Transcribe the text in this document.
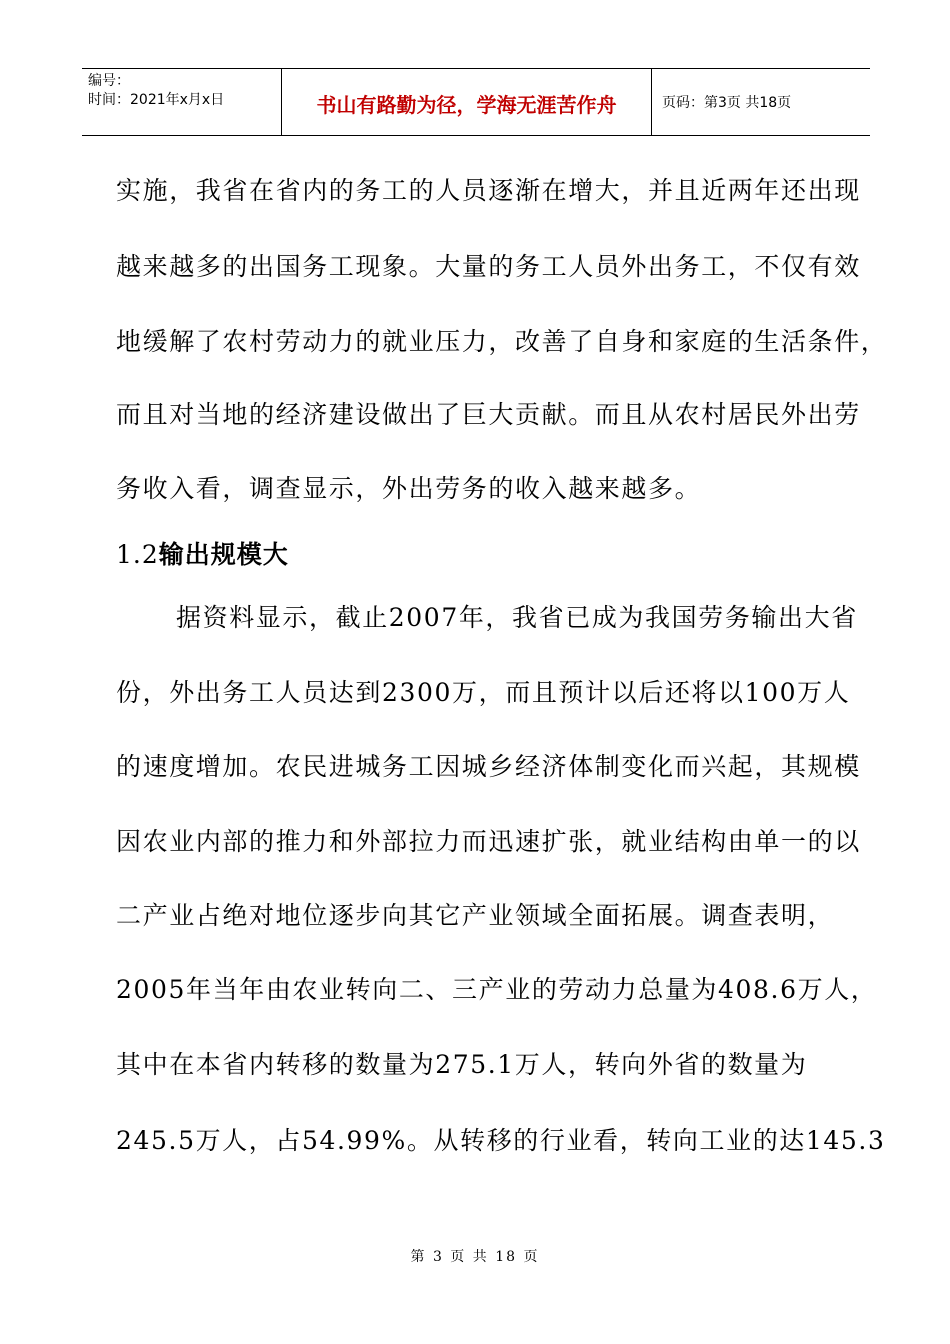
编号：
时间：2021年x月x日	书山有路勤为径，学海无涯苦作舟	页码：第3页 共18页
实施，我省在省内的务工的人员逐渐在增大，并且近两年还出现
越来越多的出国务工现象。大量的务工人员外出务工，不仅有效
地缓解了农村劳动力的就业压力，改善了自身和家庭的生活条件，
而且对当地的经济建设做出了巨大贡献。而且从农村居民外出劳
务收入看，调查显示，外出劳务的收入越来越多。
1.2输出规模大
据资料显示，截止2007年，我省已成为我国劳务输出大省
份，外出务工人员达到2300万，而且预计以后还将以100万人
的速度增加。农民进城务工因城乡经济体制变化而兴起，其规模
因农业内部的推力和外部拉力而迅速扩张，就业结构由单一的以
二产业占绝对地位逐步向其它产业领域全面拓展。调查表明，
2005年当年由农业转向二、三产业的劳动力总量为408.6万人，
其中在本省内转移的数量为275.1万人，转向外省的数量为
245.5万人，占54.99%。从转移的行业看，转向工业的达145.3
第 3 页 共 18 页
